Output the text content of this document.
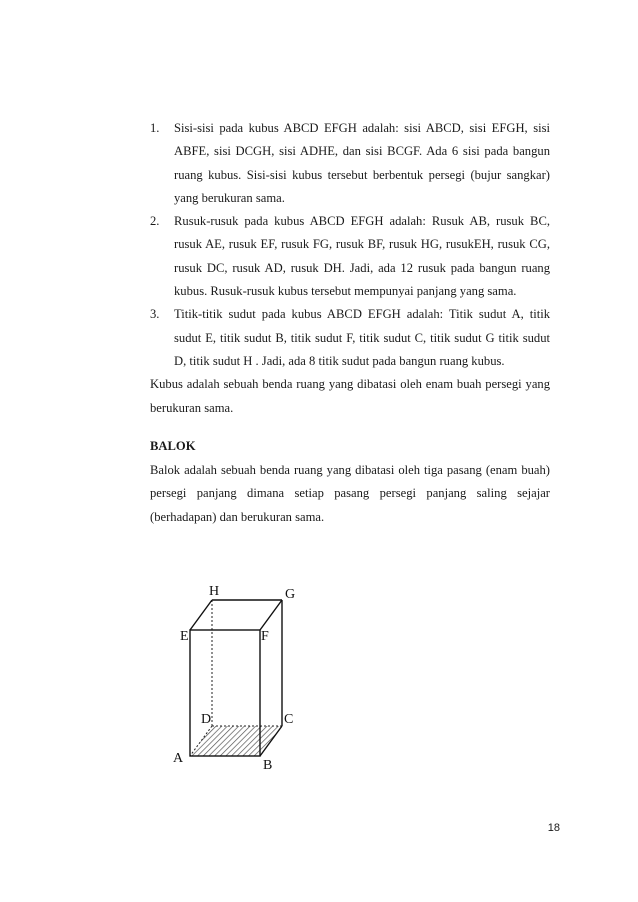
1.	Sisi-sisi pada kubus ABCD EFGH adalah: sisi ABCD, sisi EFGH, sisi ABFE, sisi DCGH, sisi ADHE, dan sisi BCGF. Ada 6 sisi pada bangun ruang kubus. Sisi-sisi kubus tersebut berbentuk persegi (bujur sangkar) yang berukuran sama.
2.	Rusuk-rusuk pada kubus ABCD EFGH adalah: Rusuk AB, rusuk BC, rusuk AE, rusuk EF, rusuk FG, rusuk BF, rusuk HG, rusukEH, rusuk CG, rusuk DC, rusuk AD, rusuk DH. Jadi, ada 12 rusuk pada bangun ruang kubus. Rusuk-rusuk kubus tersebut mempunyai panjang yang sama.
3.	Titik-titik sudut pada kubus ABCD EFGH adalah: Titik sudut A, titik sudut E, titik sudut B, titik sudut F, titik sudut C, titik sudut G titik sudut D, titik sudut H . Jadi, ada 8 titik sudut pada bangun ruang kubus.

Kubus adalah sebuah benda ruang yang dibatasi oleh enam buah persegi yang berukuran sama.

BALOK

Balok adalah sebuah benda ruang yang dibatasi oleh tiga pasang (enam buah) persegi panjang dimana setiap pasang persegi panjang saling sejajar (berhadapan) dan berukuran sama.

H	G
E	F
D	C
A	B
18
